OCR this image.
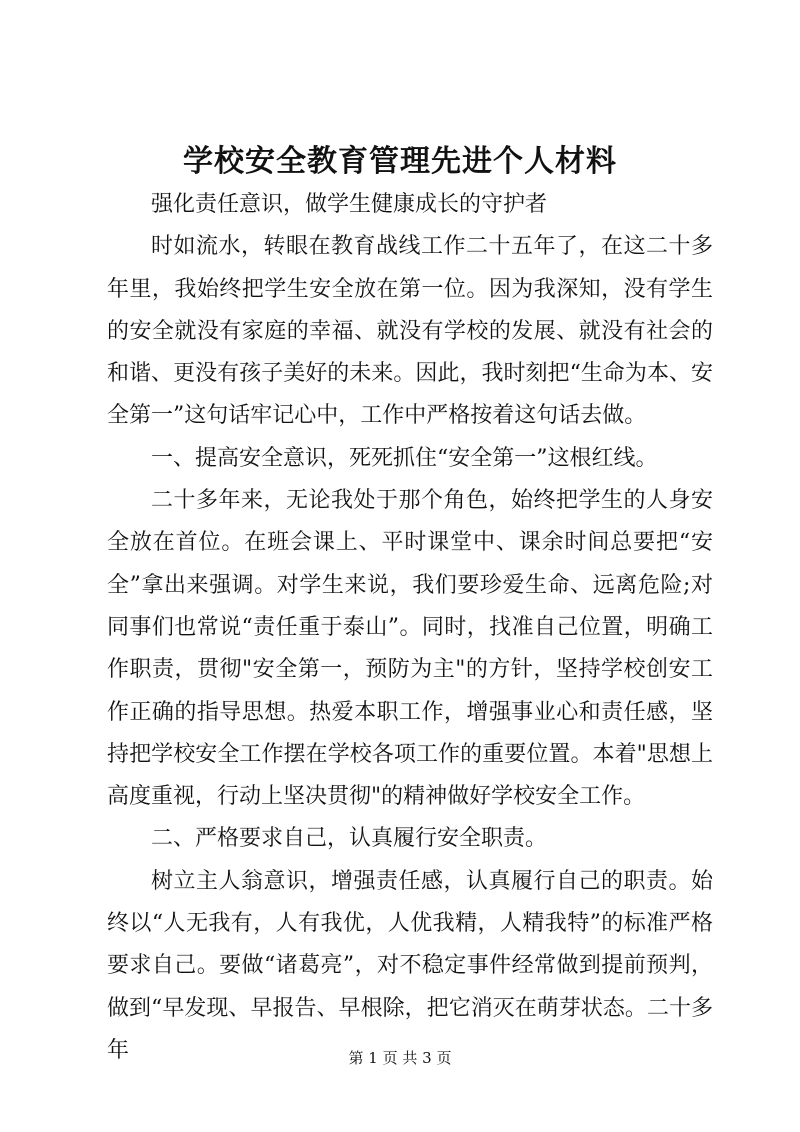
学校安全教育管理先进个人材料

强化责任意识，做学生健康成长的守护者

时如流水，转眼在教育战线工作二十五年了，在这二十多年里，我始终把学生安全放在第一位。因为我深知，没有学生的安全就没有家庭的幸福、就没有学校的发展、就没有社会的和谐、更没有孩子美好的未来。因此，我时刻把“生命为本、安全第一”这句话牢记心中，工作中严格按着这句话去做。

一、提高安全意识，死死抓住“安全第一”这根红线。

二十多年来，无论我处于那个角色，始终把学生的人身安全放在首位。在班会课上、平时课堂中、课余时间总要把“安全”拿出来强调。对学生来说，我们要珍爱生命、远离危险;对同事们也常说“责任重于泰山”。同时，找准自己位置，明确工作职责，贯彻"安全第一，预防为主"的方针，坚持学校创安工作正确的指导思想。热爱本职工作，增强事业心和责任感，坚持把学校安全工作摆在学校各项工作的重要位置。本着"思想上高度重视，行动上坚决贯彻"的精神做好学校安全工作。

二、严格要求自己，认真履行安全职责。

树立主人翁意识，增强责任感，认真履行自己的职责。始终以“人无我有，人有我优，人优我精，人精我特”的标准严格要求自己。要做“诸葛亮”，对不稳定事件经常做到提前预判，做到“早发现、早报告、早根除，把它消灭在萌芽状态。二十多年	第 1 页 共 3 页
